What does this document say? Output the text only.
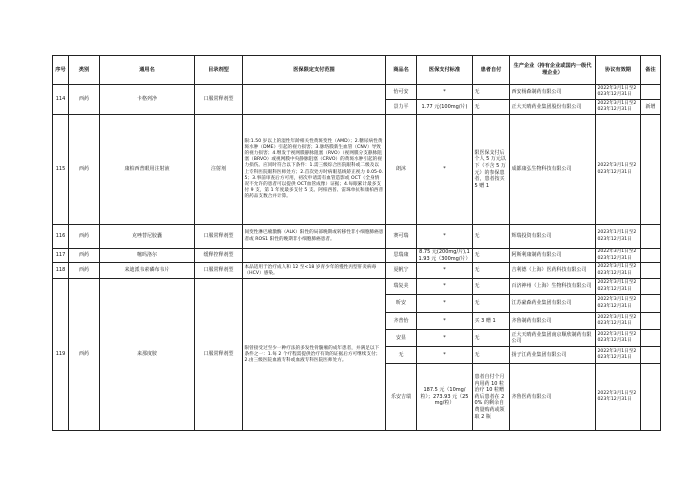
序号	类别	通用名	目录剂型	医保限定支付范围	商品名	医保支付标准	患者自付	生产企业（持有企业或国内一级代理企业）	协议有效期	备注
114	西药	卡格列净	口服常释剂型		怡可安	*	无	西安杨森制药有限公司	2022年3月1日至2023年12月31日	
					景力平	1.77 元(100mg/片)	无	正大天晴药业集团股份有限公司	2022年3月1日至2023年12月31日	新增
115	西药	康柏西普眼用注射液	注射剂	限:1.50 岁以上的湿性年龄相关性黄斑变性（AMD）；2.糖尿病性黄斑水肿（DME）引起的视力损害；3.脉络膜新生血管（CNV）导致的视力损害；4.继发于视网膜静脉阻塞（RVO）（视网膜分支静脉阻塞（BRVO）或视网膜中央静脉阻塞（CRVO）的黄斑水肿引起的视力损伤。应同时符合以下条件：1.需三级综合医院眼科或二级及以上专科医院眼科医师处方；2.首次处方时病眼基线矫正视力 0.05-0.5；3.事前审查后方可用，初次申请需有血管造影或 OCT（全身情况不允许的患者可以提供 OCT血管成像）证据；4.每眼累计最多支付 9 支，第 1 年度最多支付 5 支。阿柏西普、雷珠单抗和康柏西普的药品支数合并计算。	朗沐	*	限医保支付后个人 5 万元以下（不含 5 万元）的参保患者，患者按买 5 赠 1	成都康弘生物科技有限公司	2022年3月1日至2023年12月31日	
116	西药	克唑替尼胶囊	口服常释剂型	间变性淋巴瘤激酶（ALK）阳性的局部晚期或转移性非小细胞肺癌患者或 ROS1 阳性的晚期非小细胞肺癌患者。	赛可瑞	*	无	辉瑞投资有限公司	2023年1月1日至2023年12月31日	
117	西药	噻吗洛尔	缓释控释剂型		思瑞康	8.75 元(200mg/片),11.93 元（300mg/片）	无	阿斯利康制药有限公司	2022年3月1日至2023年12月31日	
118	西药	来迪派韦索磷布韦片	口服常释剂型	本品适用于治疗成人和 12 至<18 岁青少年的慢性丙型肝炎病毒（HCV）感染。	夏帆宁	*	无	吉利德（上海）医药科技有限公司	2022年3月1日至2023年12月31日	
119	西药	来那度胺	口服常释剂型	限曾接受过至少一种疗法的多发性骨髓瘤的成年患者，并满足以下条件之一：1.每 2 个疗程需提供治疗有效的证据后方可继续支付；2.由三级医院血液专科或血液专科医院医师处方。	瑞复美	*	无	百济神州（上海）生物科技有限公司	2022年3月1日至2023年12月31日	
					昕安	*	无	江苏豪森药业集团有限公司	2022年3月1日至2023年12月31日	
					齐普怡	*	买 3 赠 1	齐鲁制药有限公司	2022年3月1日至2023年12月31日	
					安显	*	无	正大天晴药业集团南京顺欣制药有限公司	2022年3月1日至2023年12月31日	
					无	*	无	扬子江药业集团有限公司	2022年3月1日至2023年12月31日	
					乐安吉瑞	187.5 元（10mg/粒）；273.93 元（25mg/粒）	患者自付个月内用药 10 粒治疗 10 粒赠药后患者在 20% 的剩余自费量购药或领取 2 瓶	齐鲁医药有限公司	2022年3月1日至2023年12月31日	
